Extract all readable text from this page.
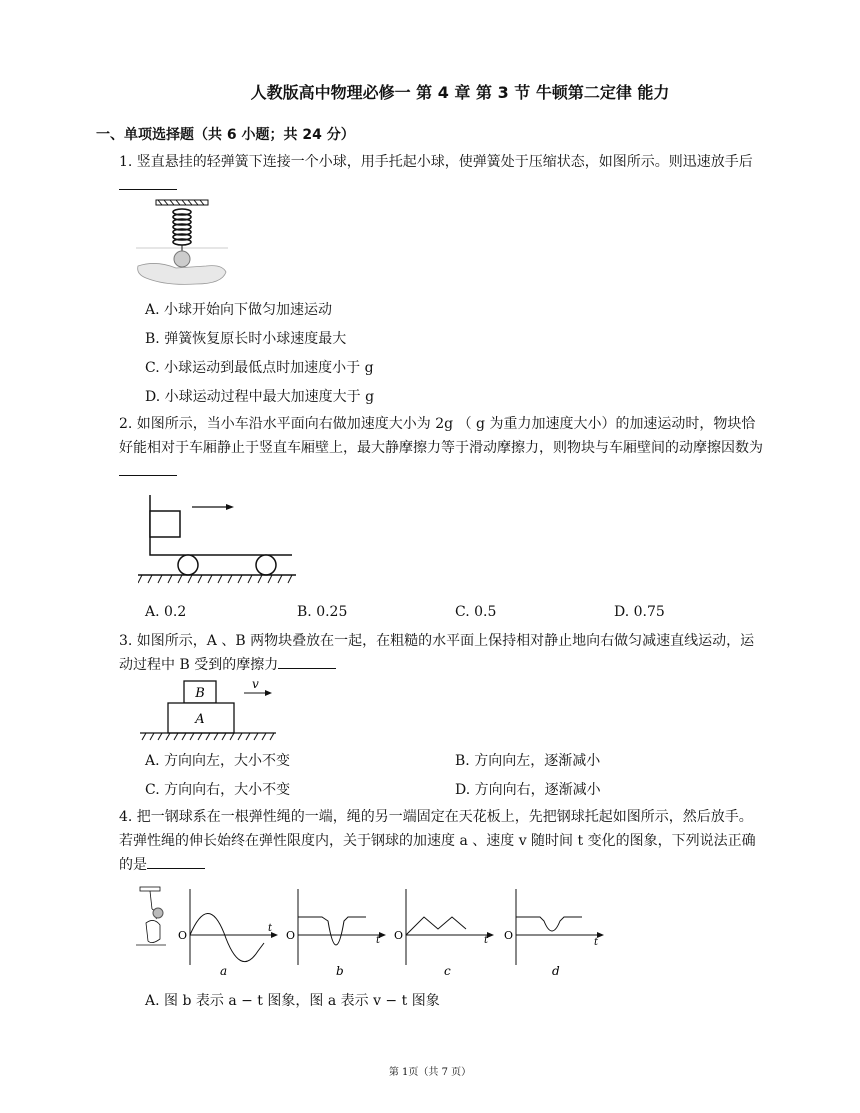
人教版高中物理必修一 第 4 章 第 3 节 牛顿第二定律 能力
一、单项选择题（共 6 小题；共 24 分）
1. 竖直悬挂的轻弹簧下连接一个小球，用手托起小球，使弹簧处于压缩状态，如图所示。则迅速放手后
A. 小球开始向下做匀加速运动
B. 弹簧恢复原长时小球速度最大
C. 小球运动到最低点时加速度小于 g
D. 小球运动过程中最大加速度大于 g
2. 如图所示，当小车沿水平面向右做加速度大小为 2g （ g 为重力加速度大小）的加速运动时，物块恰好能相对于车厢静止于竖直车厢壁上，最大静摩擦力等于滑动摩擦力，则物块与车厢壁间的动摩擦因数为
A. 0.2	B. 0.25	C. 0.5	D. 0.75
3. 如图所示，A 、B 两物块叠放在一起，在粗糙的水平面上保持相对静止地向右做匀减速直线运动，运动过程中 B 受到的摩擦力
B
A
v
A. 方向向左，大小不变	B. 方向向左，逐渐减小
C. 方向向右，大小不变	D. 方向向右，逐渐减小
4. 把一钢球系在一根弹性绳的一端，绳的另一端固定在天花板上，先把钢球托起如图所示，然后放手。若弹性绳的伸长始终在弹性限度内，关于钢球的加速度 a 、速度 v 随时间 t 变化的图象，下列说法正确的是
O
t
a
O	t
b
O	t
c
O
t
d
A. 图 b 表示 a − t 图象，图 a 表示 v − t 图象
第 1页（共 7 页）
